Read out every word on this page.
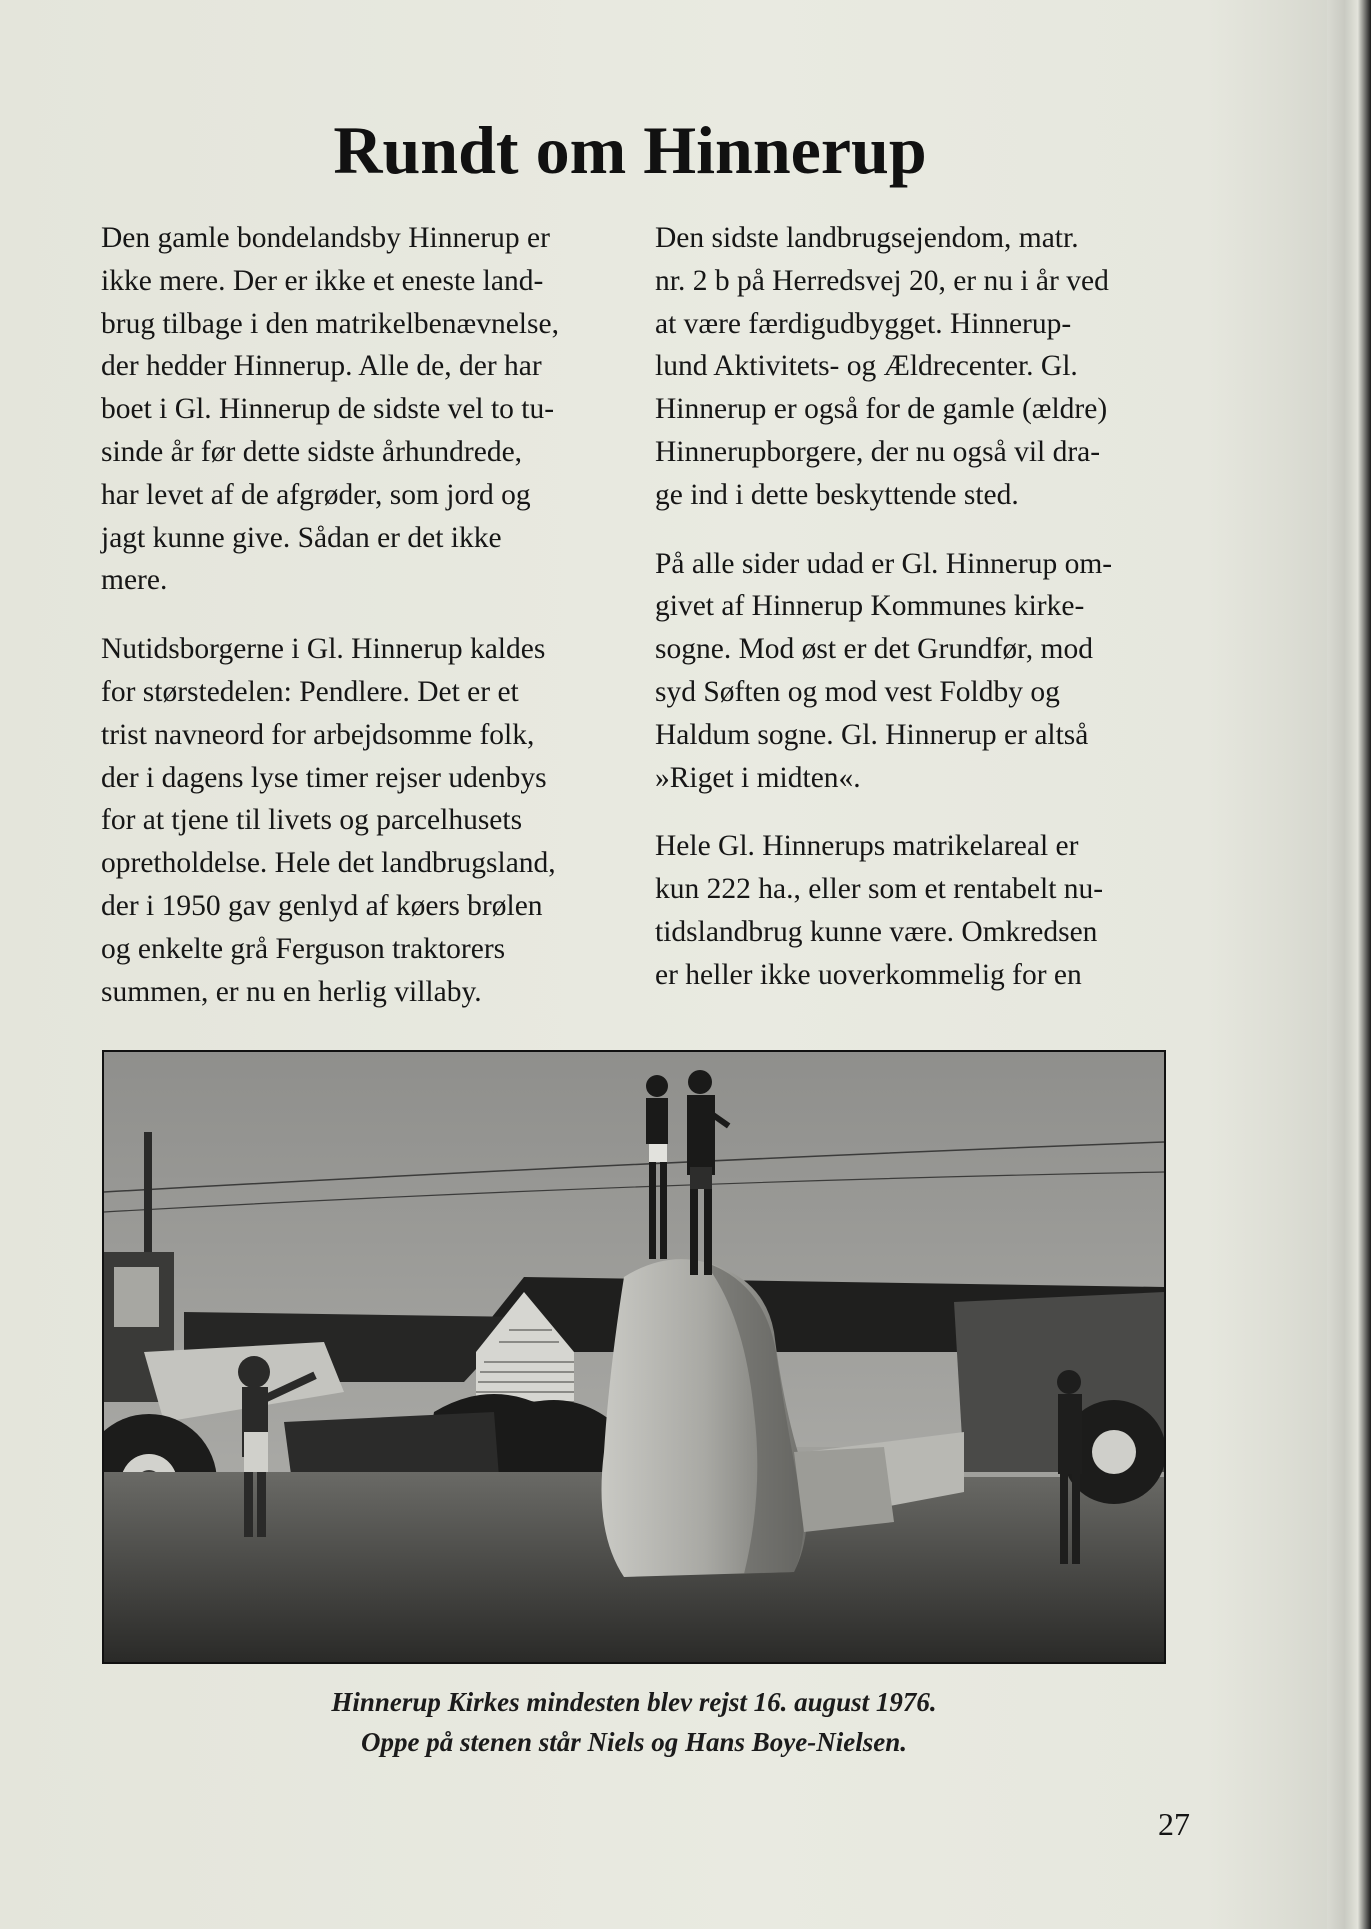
Rundt om Hinnerup
Den gamle bondelandsby Hinnerup er
ikke mere. Der er ikke et eneste land-
brug tilbage i den matrikelbenævnelse,
der hedder Hinnerup. Alle de, der har
boet i Gl. Hinnerup de sidste vel to tu-
sinde år før dette sidste århundrede,
har levet af de afgrøder, som jord og
jagt kunne give. Sådan er det ikke
mere.
Nutidsborgerne i Gl. Hinnerup kaldes
for størstedelen: Pendlere. Det er et
trist navneord for arbejdsomme folk,
der i dagens lyse timer rejser udenbys
for at tjene til livets og parcelhusets
opretholdelse. Hele det landbrugsland,
der i 1950 gav genlyd af køers brølen
og enkelte grå Ferguson traktorers
summen, er nu en herlig villaby.
Den sidste landbrugsejendom, matr.
nr. 2 b på Herredsvej 20, er nu i år ved
at være færdigudbygget. Hinnerup-
lund Aktivitets- og Ældrecenter. Gl.
Hinnerup er også for de gamle (ældre)
Hinnerupborgere, der nu også vil dra-
ge ind i dette beskyttende sted.
På alle sider udad er Gl. Hinnerup om-
givet af Hinnerup Kommunes kirke-
sogne. Mod øst er det Grundfør, mod
syd Søften og mod vest Foldby og
Haldum sogne. Gl. Hinnerup er altså
»Riget i midten«.
Hele Gl. Hinnerups matrikelareal er
kun 222 ha., eller som et rentabelt nu-
tidslandbrug kunne være. Omkredsen
er heller ikke uoverkommelig for en
Hinnerup Kirkes mindesten blev rejst 16. august 1976.
Oppe på stenen står Niels og Hans Boye-Nielsen.
27
